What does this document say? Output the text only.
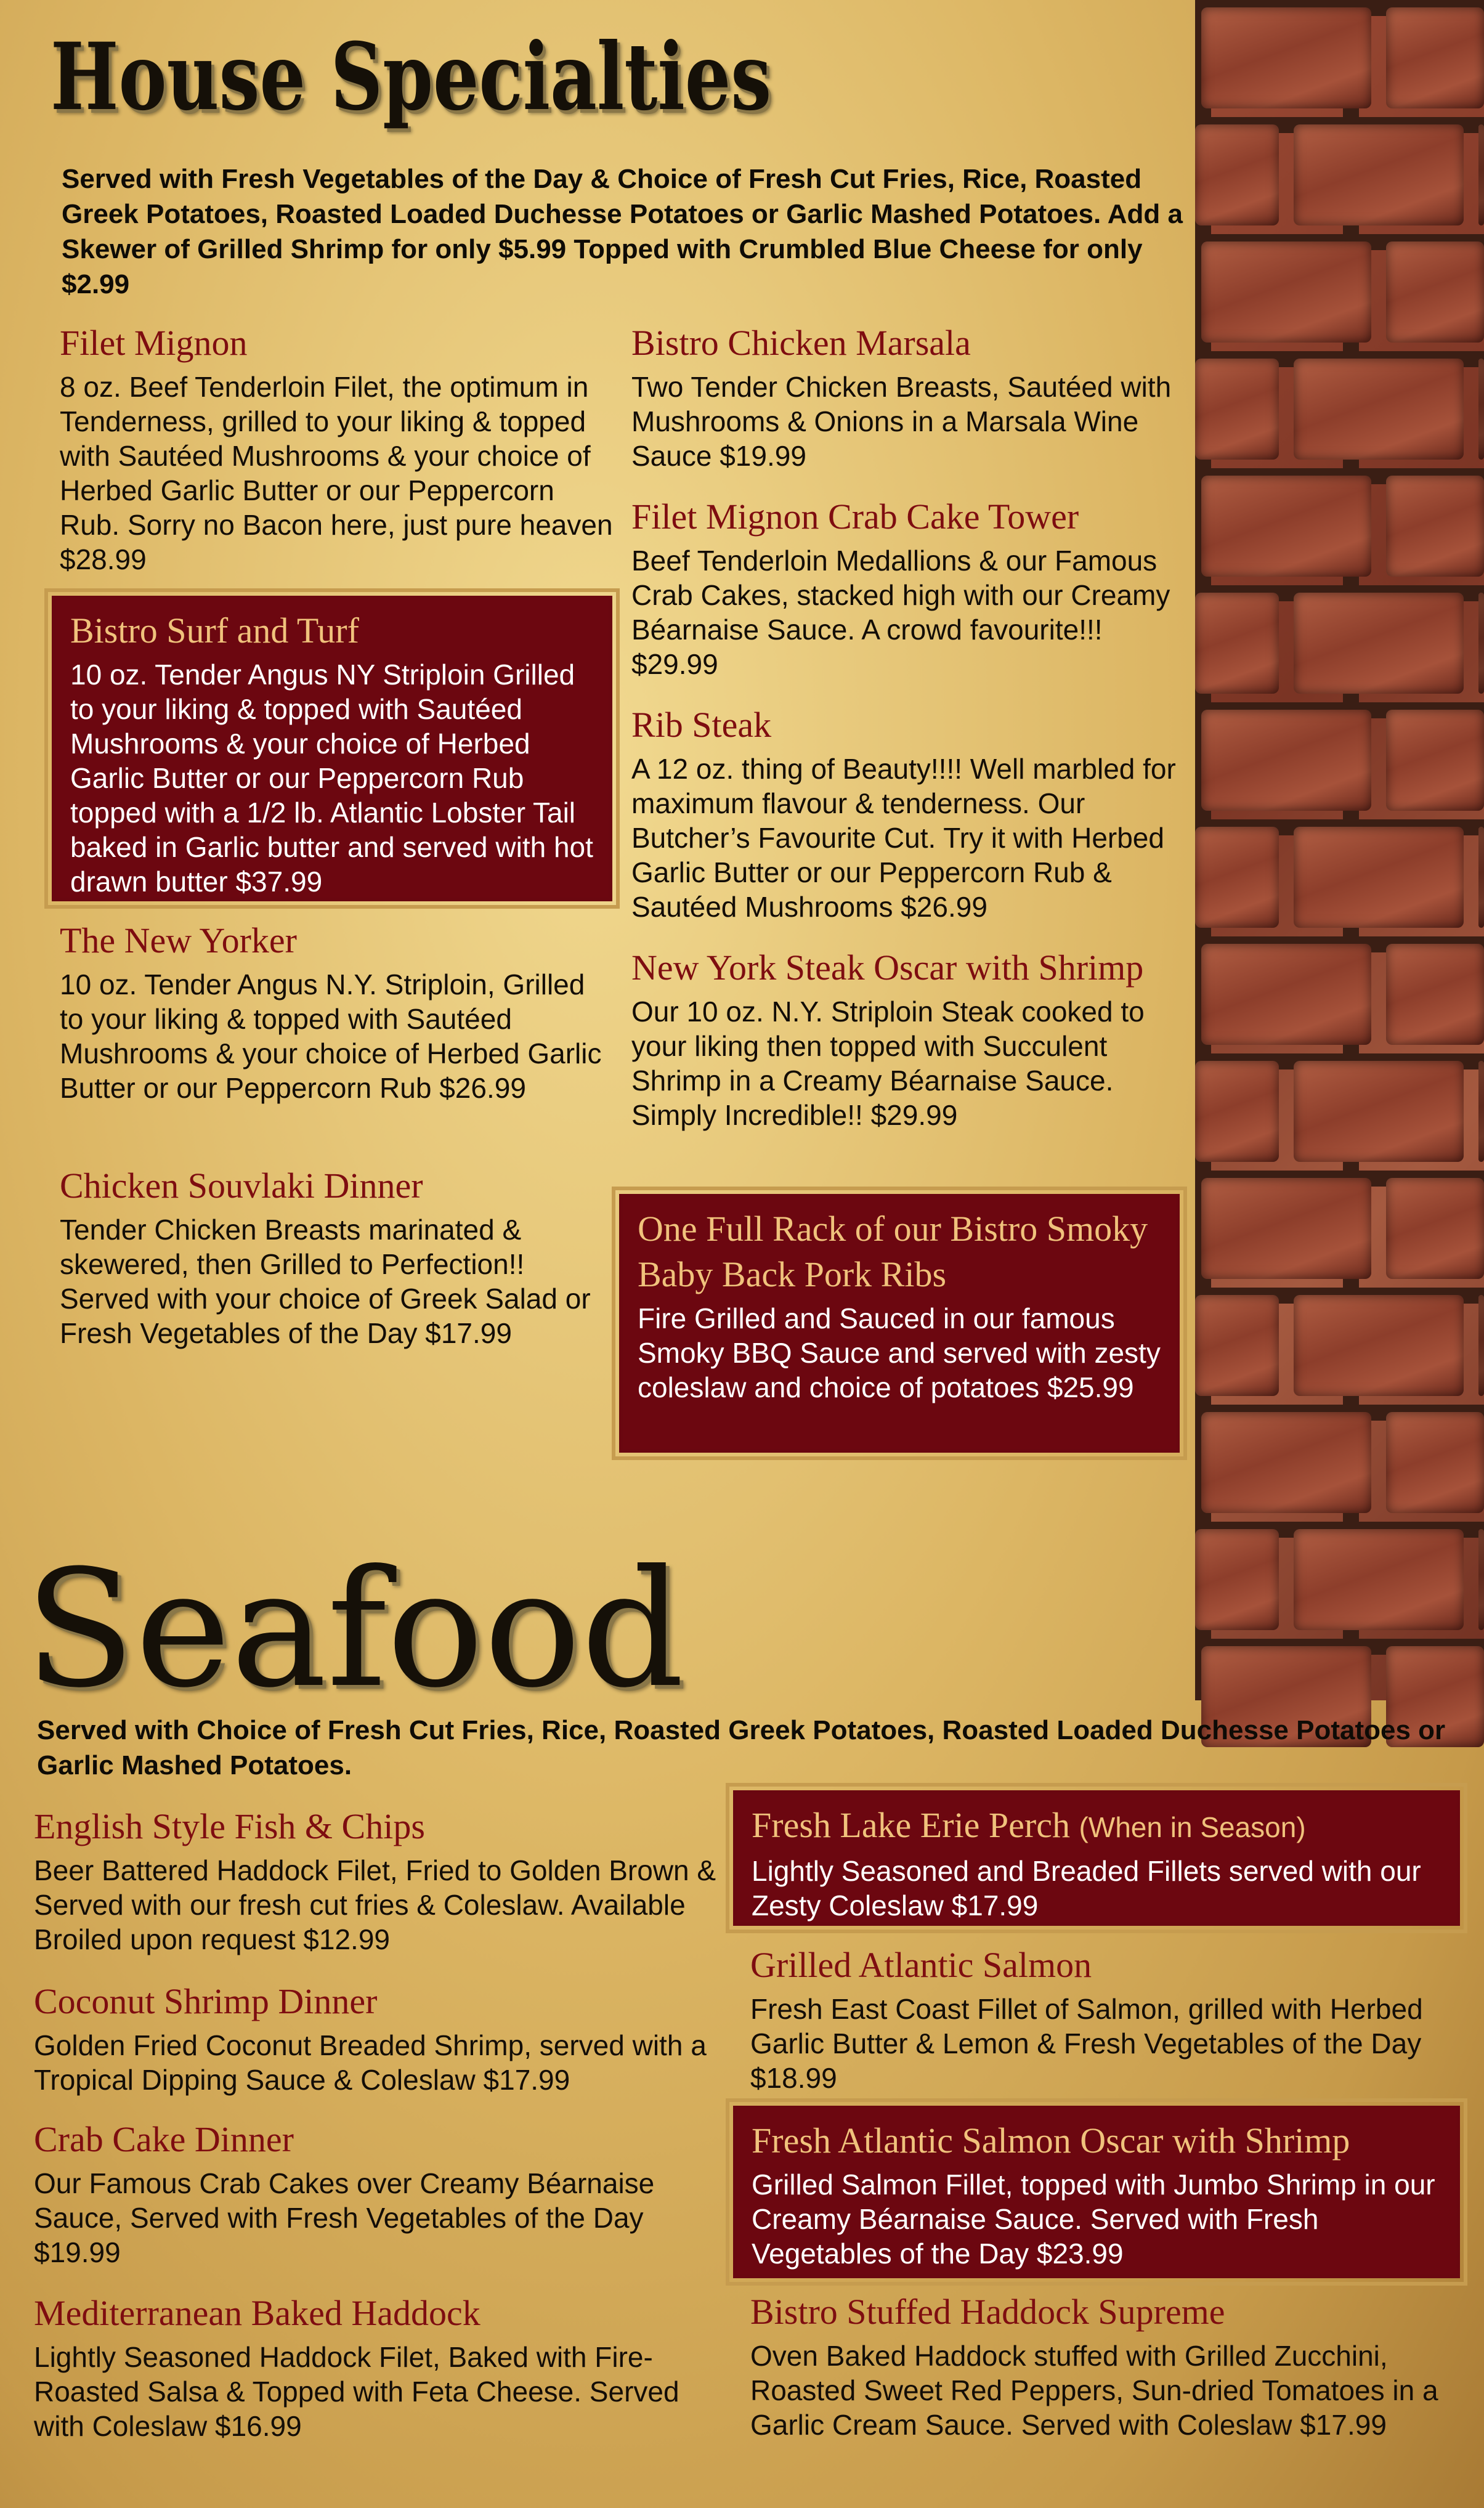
House Specialties

Served with Fresh Vegetables of the Day & Choice of Fresh Cut Fries, Rice, Roasted Greek Potatoes, Roasted Loaded Duchesse Potatoes or Garlic Mashed Potatoes. Add a Skewer of Grilled Shrimp for only $5.99 Topped with Crumbled Blue Cheese for only $2.99

Filet Mignon

8 oz. Beef Tenderloin Filet, the optimum in Tenderness, grilled to your liking & topped with Sautéed Mushrooms & your choice of Herbed Garlic Butter or our Peppercorn Rub. Sorry no Bacon here, just pure heaven $28.99

Bistro Surf and Turf

10 oz. Tender Angus NY Striploin Grilled to your liking & topped with Sautéed Mushrooms & your choice of Herbed Garlic Butter or our Peppercorn Rub topped with a 1/2 lb. Atlantic Lobster Tail baked in Garlic butter and served with hot drawn butter $37.99

The New Yorker

10 oz. Tender Angus N.Y. Striploin, Grilled to your liking & topped with Sautéed Mushrooms & your choice of Herbed Garlic Butter or our Peppercorn Rub $26.99

Chicken Souvlaki Dinner

Tender Chicken Breasts marinated & skewered, then Grilled to Perfection!! Served with your choice of Greek Salad or Fresh Vegetables of the Day $17.99

Bistro Chicken Marsala

Two Tender Chicken Breasts, Sautéed with Mushrooms & Onions in a Marsala Wine Sauce $19.99

Filet Mignon Crab Cake Tower

Beef Tenderloin Medallions & our Famous Crab Cakes, stacked high with our Creamy Béarnaise Sauce. A crowd favourite!!! $29.99

Rib Steak

A 12 oz. thing of Beauty!!!! Well marbled for maximum flavour & tenderness. Our Butcher’s Favourite Cut. Try it with Herbed Garlic Butter or our Peppercorn Rub & Sautéed Mushrooms $26.99

New York Steak Oscar with Shrimp

Our 10 oz. N.Y. Striploin Steak cooked to your liking then topped with Succulent Shrimp in a Creamy Béarnaise Sauce. Simply Incredible!! $29.99

One Full Rack of our Bistro Smoky Baby Back Pork Ribs

Fire Grilled and Sauced in our famous Smoky BBQ Sauce and served with zesty coleslaw and choice of potatoes $25.99

Seafood

Served with Choice of Fresh Cut Fries, Rice, Roasted Greek Potatoes, Roasted Loaded Duchesse Potatoes or Garlic Mashed Potatoes.

English Style Fish & Chips

Beer Battered Haddock Filet, Fried to Golden Brown & Served with our fresh cut fries & Coleslaw. Available Broiled upon request $12.99

Coconut Shrimp Dinner

Golden Fried Coconut Breaded Shrimp, served with a Tropical Dipping Sauce & Coleslaw $17.99

Crab Cake Dinner

Our Famous Crab Cakes over Creamy Béarnaise Sauce, Served with Fresh Vegetables of the Day $19.99

Mediterranean Baked Haddock

Lightly Seasoned Haddock Filet, Baked with Fire-Roasted Salsa & Topped with Feta Cheese. Served with Coleslaw $16.99

Fresh Lake Erie Perch (When in Season)

Lightly Seasoned and Breaded Fillets served with our Zesty Coleslaw $17.99

Grilled Atlantic Salmon

Fresh East Coast Fillet of Salmon, grilled with Herbed Garlic Butter & Lemon & Fresh Vegetables of the Day $18.99

Fresh Atlantic Salmon Oscar with Shrimp

Grilled Salmon Fillet, topped with Jumbo Shrimp in our Creamy Béarnaise Sauce. Served with Fresh Vegetables of the Day $23.99

Bistro Stuffed Haddock Supreme

Oven Baked Haddock stuffed with Grilled Zucchini, Roasted Sweet Red Peppers, Sun-dried Tomatoes in a Garlic Cream Sauce. Served with Coleslaw $17.99
